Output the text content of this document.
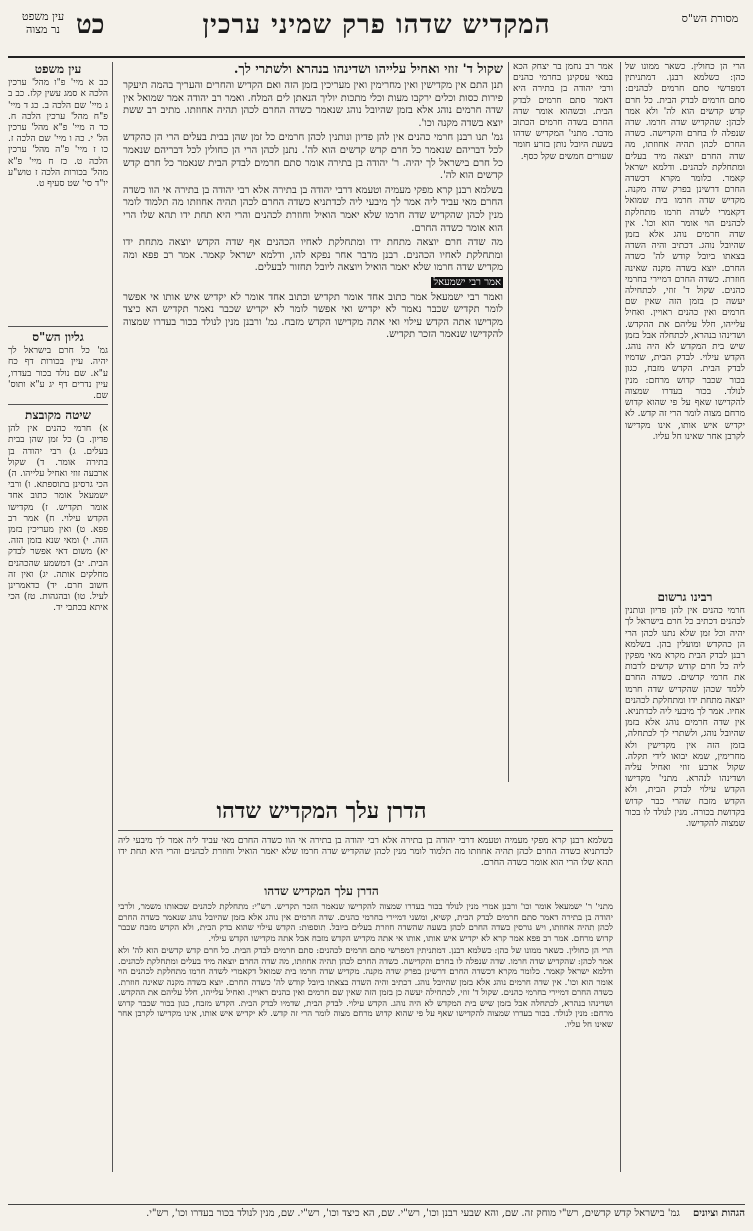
מסורת הש"ס
המקדיש שדהו פרק שמיני ערכין
כט
עין משפט
נר מצוה

הרי הן כחולין. כשאר ממונו של כהן: כשלמא רבנן. דמתניתין דמפרשי סתם חרמים לכהנים: סתם חרמים לבדק הבית. כל חרם קדש קדשים הוא לה' ולא אמר לכהן: שהקדיש שדה חרמו. שדה שנפלה לו בחרם והקדישה. כשדה החרם לכהן תהיה אחוזתו, מה שדה החרם יוצאה מיד בעלים ומתחלקת לכהנים. ודלמא ישראל קאמר. כלומר מקרא דכשדה החרם דרשינן בפרק שדה מקנה. מקדיש שדה חרמו בית שמואל דקאמרי לשדה חרמו מתחלקת לכהנים הוי אומר הוא וכו'. אין שדה חרמים נוהג אלא בזמן שהיובל נוהג. דכתיב והיה השדה בצאתו ביובל קודש לה' כשדה החרם. יוצא בשדה מקנה שאינה חוזרת. כשדה החרם דמיירי בחרמי כהנים. שקול ד' זוזי, לכתחילה יעשה כן בזמן הזה שאין שם חרמים ואין כהנים ראויין. ואחיל עלייהו, חלל עליהם את ההקדש. ושדינהו בנהרא, לכתחלה אבל בזמן שיש בית המקדש לא היה נוהג. הקדש עילוי. לבדק הבית, שדמיו לבדק הבית. הקדש מזבח, כגון בכור שכבר קדוש מרחם: מנין לנולד. בכור בעדרו שמצוה להקדישו שאף על פי שהוא קדוש מרחם מצוה לומר הרי זה קדש. לא יקדיש איש אותו, אינו מקדישו לקרבן אחר שאינו חל עליו.

רבינו גרשום

חרמי כהנים אין להן פדיון ונותנין לכהנים דכתיב כל חרם בישראל לך יהיה וכל זמן שלא נתנו לכהן הרי הן כהקדש ומועלין בהן. בשלמא רבנן לבדק הבית מקרא מאי מפקין ליה כל חרם קודש קדשים לרבות את חרמי קדשים. כשדה החרם ללמד שכהן שהקדיש שדה חרמו יוצאה מתחת ידו ומתחלקת לכהנים אחיו. אמר לך מיבעי ליה לכדתניא. אין שדה חרמים נוהג אלא בזמן שהיובל נוהג, ולשתרי לך לכתחלה, בזמן הזה אין מקדישין ולא מחרימין, שמא יבואו לידי תקלה. שקול ארבע זוזי ואחיל עליה ושדינהו לנהרא. מתני' מקדישו הקדש עילוי לבדק הבית, ולא הקדש מזבח שהרי כבר קדוש בקדושת בכורה. מנין לנולד לו בכור שמצוה להקדישו.

אמר רב נחמן בר יצחק הכא במאי עסקינן בחרמי כהנים ורבי יהודה בן בתירה היא דאמר סתם חרמים לבדק הבית. וכשהוא אומר שדה החרם בשדה חרמים הכתוב מדבר. מתני' המקדיש שדהו בשעת היובל נותן בזרע חומר שעורים חמשים שקל כסף.

שקול ד' זוזי ואחיל עלייהו ושדינהו בנהרא ולשתרי לך.

תנן התם אין מקדישין ואין מחרימין ואין מעריכין בזמן הזה ואם הקדיש והחרים והעריך בהמה תיעקר פירות כסות וכלים ירקבו מעות וכלי מתכות יוליך הנאתן לים המלח. ואמר רב יהודה אמר שמואל אין שדה חרמים נוהג אלא בזמן שהיובל נוהג שנאמר כשדה החרם לכהן תהיה אחוזתו. מתיב רב ששת יוצא בשדה מקנה וכו'.

גמ' תנו רבנן חרמי כהנים אין להן פדיון ונותנין לכהן חרמים כל זמן שהן בבית בעלים הרי הן כהקדש לכל דבריהם שנאמר כל חרם קדש קדשים הוא לה'. נתנן לכהן הרי הן כחולין לכל דבריהם שנאמר כל חרם בישראל לך יהיה. ר' יהודה בן בתירה אומר סתם חרמים לבדק הבית שנאמר כל חרם קדש קדשים הוא לה'.

בשלמא רבנן קרא מפקי מעמיה וטעמא דרבי יהודה בן בתירה אלא רבי יהודה בן בתירה אי הוו כשדה החרם מאי עביד ליה אמר לך מיבעי ליה לכדתניא כשדה החרם לכהן תהיה אחוזתו מה תלמוד לומר מנין לכהן שהקדיש שדה חרמו שלא יאמר הואיל וחוזרת לכהנים והרי היא תחת ידו תהא שלו הרי הוא אומר כשדה החרם.

מה שדה חרם יוצאה מתחת ידו ומתחלקת לאחיו הכהנים אף שדה הקדש יוצאה מתחת ידו ומתחלקת לאחיו הכהנים. רבנן מדבר אחר נפקא להו, ודלמא ישראל קאמר. אמר רב פפא ומה מקדיש שדה חרמו שלא יאמר הואיל ויוצאה ליובל תחזור לבעלים.

אמר רבי ישמעאל

ואמר רבי ישמעאל אמר כתוב אחד אומר תקדיש וכתוב אחד אומר לא יקדיש איש אותו אי אפשר לומר תקדיש שכבר נאמר לא יקדיש ואי אפשר לומר לא יקדיש שכבר נאמר תקדיש הא כיצד מקדישו אתה הקדש עילוי ואי אתה מקדישו הקדש מזבח. גמ' ורבנן מנין לנולד בכור בעדרו שמצוה להקדישו שנאמר הזכר תקדיש.

עין משפט

כב א מיי' פ"ו מהל' ערכין הלכה א סמג עשין קלז. כב ב ג מיי' שם הלכה ב. כג ד מיי' פ"ח מהל' ערכין הלכה ח. כד ה מיי' פ"א מהל' ערכין הל' י. כה ו מיי' שם הלכה ז. כו ז מיי' פ"ה מהל' ערכין הלכה ט. כז ח מיי' פ"א מהל' בכורות הלכה ז טוש"ע יו"ד סי' שט סעיף ט.

גליון הש"ס

גמ' כל חרם בישראל לך יהיה. עיין בכורות דף כח ע"א. שם נולד בכור בעדרו, עיין נדרים דף יג ע"א ותוס' שם.

שיטה מקובצת

א) חרמי כהנים אין להן פדיון. ב) כל זמן שהן בבית בעלים. ג) רבי יהודה בן בתירה אומר. ד) שקול ארבעה זוזי ואחיל עלייהו. ה) הכי גרסינן בתוספתא. ו) ורבי ישמעאל אומר כתוב אחד אומר תקדיש. ז) מקדישו הקדש עילוי. ח) אמר רב פפא. ט) ואין מעריכין בזמן הזה. י) ומאי שנא בזמן הזה. יא) משום דאי אפשר לבדק הבית. יב) דמשמע שהכהנים מחלקים אותה. יג) ואין זה חשוב חרם. יד) כדאמרינן לעיל. טו) ובהגהות. טז) הכי איתא בכתבי יד.

הדרן עלך המקדיש שדהו

בשלמא רבנן קרא מפקי מעמיה וטעמא דרבי יהודה בן בתירה אלא רבי יהודה בן בתירה אי הוו כשדה החרם מאי עביד ליה אמר לך מיבעי ליה לכדתניא כשדה החרם לכהן תהיה אחוזתו מה תלמוד לומר מנין לכהן שהקדיש שדה חרמו שלא יאמר הואיל וחוזרת לכהנים והרי היא תחת ידו תהא שלו הרי הוא אומר כשדה החרם.

הדרן עלך המקדיש שדהו

מתני' ר' ישמעאל אומר וכו' ורבנן אמרי מנין לנולד בכור בעדרו שמצוה להקדישו שנאמר הזכר תקדיש. רש"י: מתחלקת לכהנים שבאותו משמר, ולרבי יהודה בן בתירה דאמר סתם חרמים לבדק הבית, קשיא, ומשני דמיירי בחרמי כהנים. שדה חרמים אין נוהג אלא בזמן שהיובל נוהג שנאמר כשדה החרם לכהן תהיה אחוזתו, ויש גורסין כשדה החרם לכהן בשעה שהשדה חוזרת בעלים ביובל. תוספות: הקדש עילוי שהוא בדק הבית, ולא הקדש מזבח שכבר קדוש מרחם. אמר רב פפא אמר קרא לא יקדיש איש אותו, אותו אי אתה מקדיש הקדש מזבח אבל אתה מקדישו הקדש עילוי.

הרי הן כחולין. כשאר ממונו של כהן: כשלמא רבנן. דמתניתין דמפרשי סתם חרמים לכהנים: סתם חרמים לבדק הבית. כל חרם קדש קדשים הוא לה' ולא אמר לכהן: שהקדיש שדה חרמו. שדה שנפלה לו בחרם והקדישה. כשדה החרם לכהן תהיה אחוזתו, מה שדה החרם יוצאה מיד בעלים ומתחלקת לכהנים. ודלמא ישראל קאמר. כלומר מקרא דכשדה החרם דרשינן בפרק שדה מקנה. מקדיש שדה חרמו בית שמואל דקאמרי לשדה חרמו מתחלקת לכהנים הוי אומר הוא וכו'. אין שדה חרמים נוהג אלא בזמן שהיובל נוהג. דכתיב והיה השדה בצאתו ביובל קודש לה' כשדה החרם. יוצא בשדה מקנה שאינה חוזרת. כשדה החרם דמיירי בחרמי כהנים. שקול ד' זוזי, לכתחילה יעשה כן בזמן הזה שאין שם חרמים ואין כהנים ראויין. ואחיל עלייהו, חלל עליהם את ההקדש. ושדינהו בנהרא, לכתחלה אבל בזמן שיש בית המקדש לא היה נוהג. הקדש עילוי. לבדק הבית, שדמיו לבדק הבית. הקדש מזבח, כגון בכור שכבר קדוש מרחם: מנין לנולד. בכור בעדרו שמצוה להקדישו שאף על פי שהוא קדוש מרחם מצוה לומר הרי זה קדש. לא יקדיש איש אותו, אינו מקדישו לקרבן אחר שאינו חל עליו.

הגהות וציונים גמ' בישראל קדש קדשים, רש"י מוחק זה. שם, והא שבעי רבנן וכו', רש"י. שם, הא כיצד וכו', רש"י. שם, מנין לנולד בכור בעדרו וכו', רש"י.
